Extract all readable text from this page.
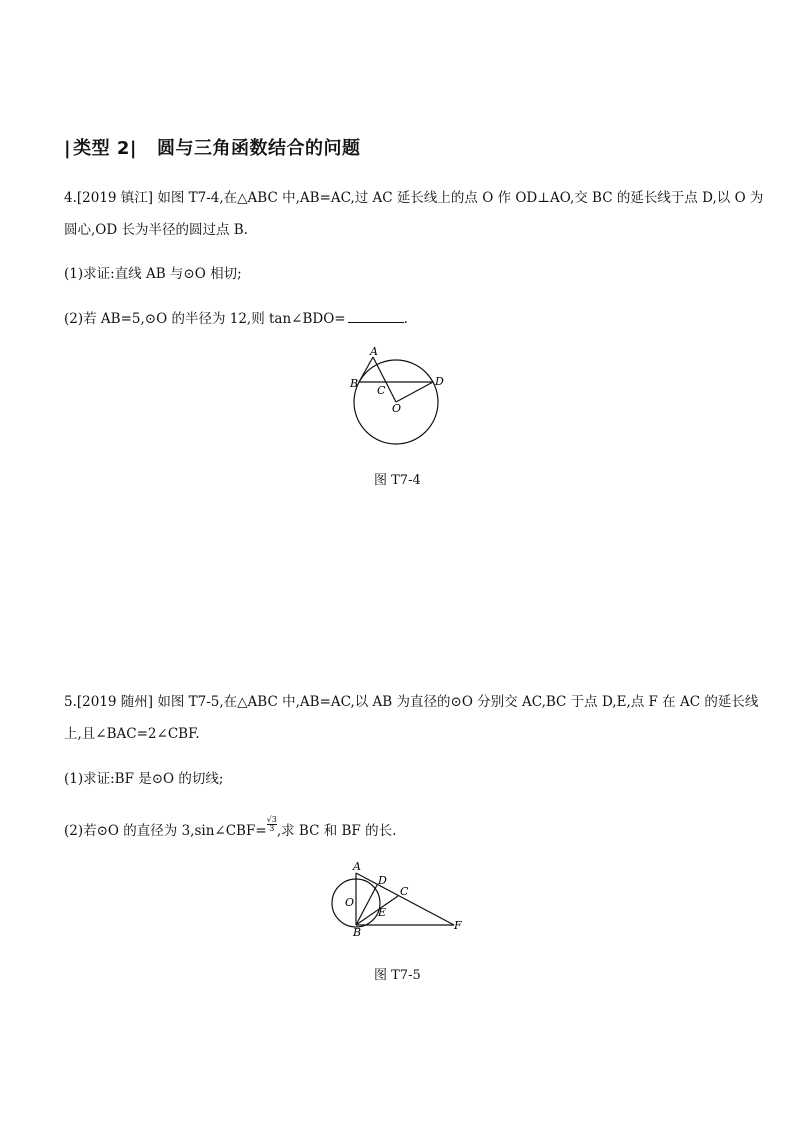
| 类型 2| 圆与三角函数结合的问题
4.[2019 镇江] 如图 T7-4,在△ABC 中,AB=AC,过 AC 延长线上的点 O 作 OD⊥AO,交 BC 的延长线于点 D,以 O 为
圆心,OD 长为半径的圆过点 B.
(1)求证:直线 AB 与⊙O 相切;
(2)若 AB=5,⊙O 的半径为 12,则 tan∠BDO=	.
A
B
C
D
O
图 T7-4
5.[2019 随州] 如图 T7-5,在△ABC 中,AB=AC,以 AB 为直径的⊙O 分别交 AC,BC 于点 D,E,点 F 在 AC 的延长线
上,且∠BAC=2∠CBF.
(1)求证:BF 是⊙O 的切线;
(2)若⊙O 的直径为 3,sin∠CBF= $\frac{√3}{3}$ ,求 BC 和 BF 的长.
A
B
C
D
E
F
O
图 T7-5
